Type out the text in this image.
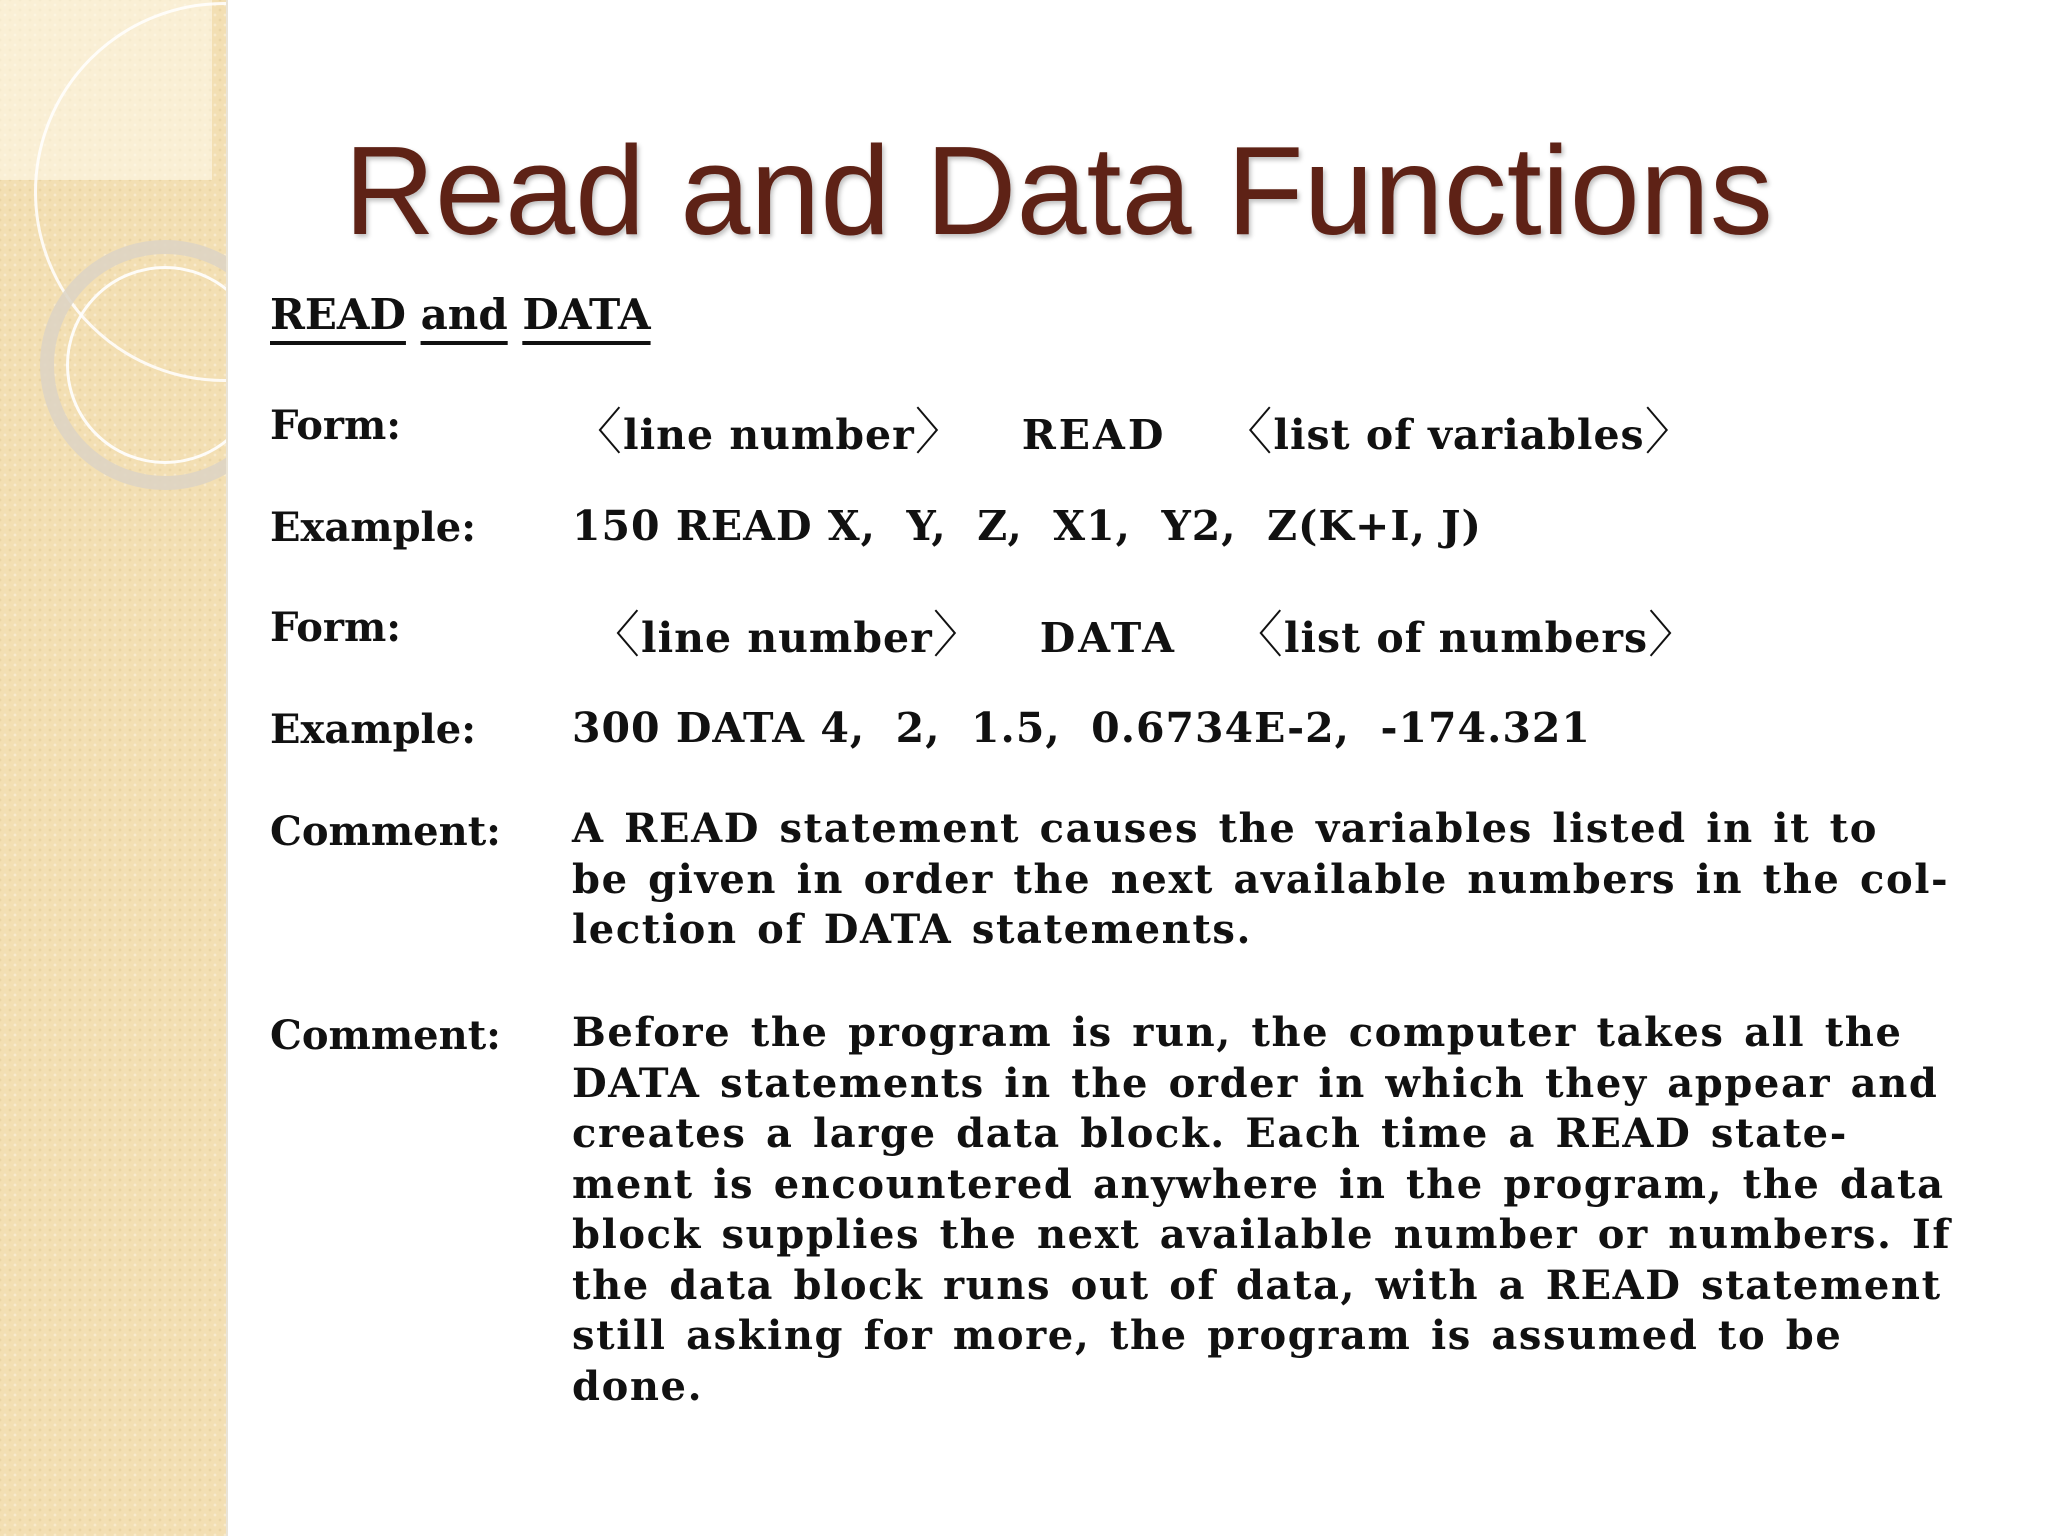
Read and Data Functions
READ and DATA
Form:	〈line number〉 READ 〈list of variables〉
Example: 150 READ X,  Y,  Z,  X1,  Y2,  Z(K+I, J)
Form:	〈line number〉 DATA 〈list of numbers〉
Example: 300 DATA 4,  2,  1.5,  0.6734E-2,  -174.321
Comment: A READ statement causes the variables listed in it to
be given in order the next available numbers in the col-
lection of DATA statements.
Comment: Before the program is run, the computer takes all the
DATA statements in the order in which they appear and
creates a large data block. Each time a READ state-
ment is encountered anywhere in the program, the data
block supplies the next available number or numbers. If
the data block runs out of data, with a READ statement
still asking for more, the program is assumed to be
done.
